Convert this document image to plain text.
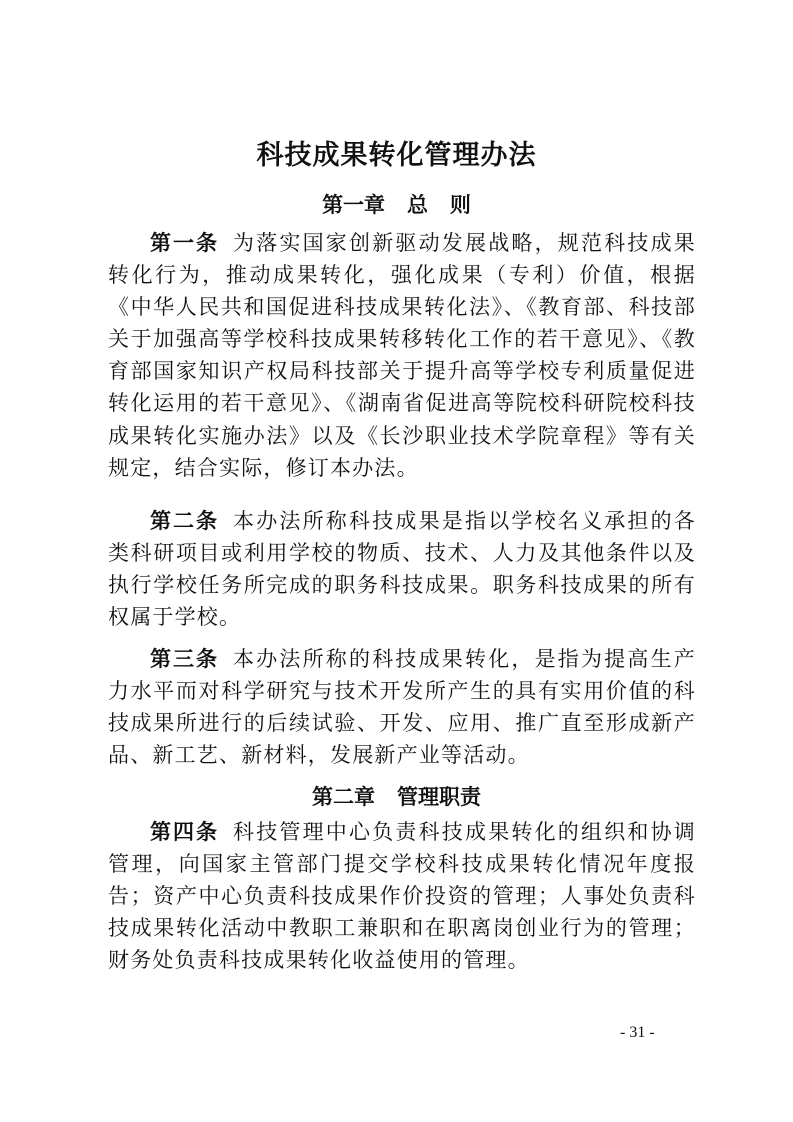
科技成果转化管理办法
第一章   总   则

第一条 为落实国家创新驱动发展战略，规范科技成果转化行为，推动成果转化，强化成果（专利）价值，根据《中华人民共和国促进科技成果转化法》、《教育部、科技部关于加强高等学校科技成果转移转化工作的若干意见》、《教育部国家知识产权局科技部关于提升高等学校专利质量促进转化运用的若干意见》、《湖南省促进高等院校科研院校科技成果转化实施办法》以及《长沙职业技术学院章程》等有关规定，结合实际，修订本办法。

第二条 本办法所称科技成果是指以学校名义承担的各类科研项目或利用学校的物质、技术、人力及其他条件以及执行学校任务所完成的职务科技成果。职务科技成果的所有权属于学校。

第三条 本办法所称的科技成果转化，是指为提高生产力水平而对科学研究与技术开发所产生的具有实用价值的科技成果所进行的后续试验、开发、应用、推广直至形成新产品、新工艺、新材料，发展新产业等活动。

第二章   管理职责

第四条 科技管理中心负责科技成果转化的组织和协调管理，向国家主管部门提交学校科技成果转化情况年度报告；资产中心负责科技成果作价投资的管理；人事处负责科技成果转化活动中教职工兼职和在职离岗创业行为的管理；财务处负责科技成果转化收益使用的管理。

- 31 -
